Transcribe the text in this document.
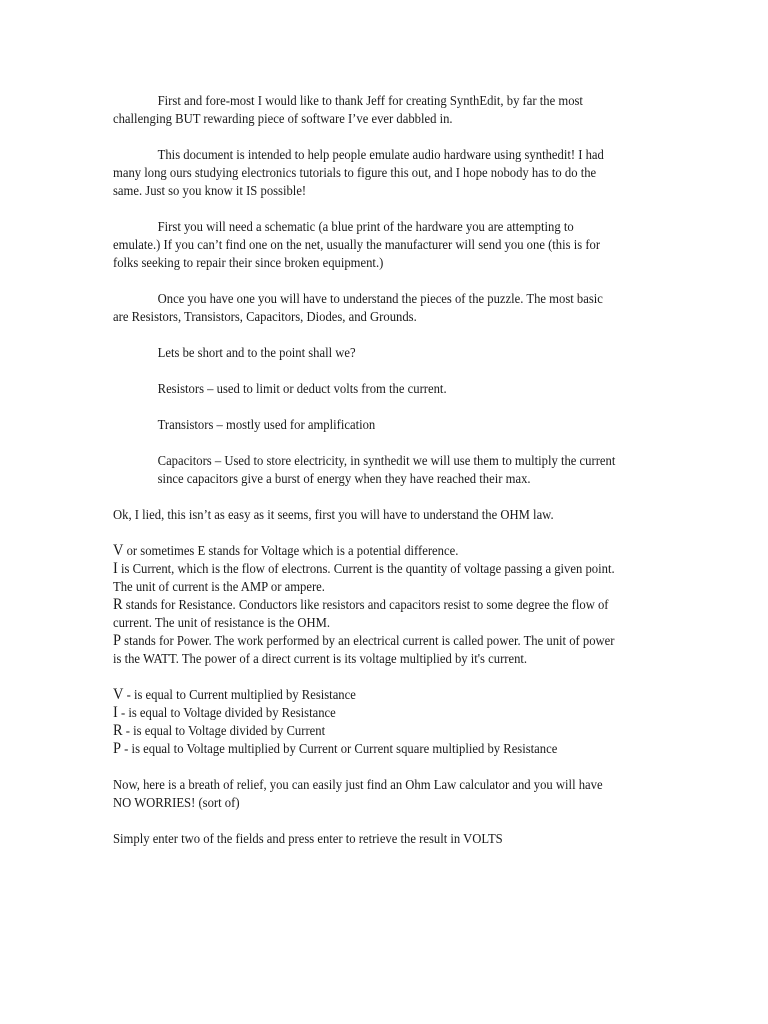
First and fore-most I would like to thank Jeff for creating SynthEdit, by far the most challenging BUT rewarding piece of software I’ve ever dabbled in.

This document is intended to help people emulate audio hardware using synthedit! I had many long ours studying electronics tutorials to figure this out, and I hope nobody has to do the same. Just so you know it IS possible!

First you will need a schematic (a blue print of the hardware you are attempting to emulate.) If you can’t find one on the net, usually the manufacturer will send you one (this is for folks seeking to repair their since broken equipment.)

Once you have one you will have to understand the pieces of the puzzle. The most basic are Resistors, Transistors, Capacitors, Diodes, and Grounds.

Lets be short and to the point shall we?

Resistors – used to limit or deduct volts from the current.

Transistors – mostly used for amplification

Capacitors – Used to store electricity, in synthedit we will use them to multiply the current since capacitors give a burst of energy when they have reached their max.

Ok, I lied, this isn’t as easy as it seems, first you will have to understand the OHM law.

V or sometimes E stands for Voltage which is a potential difference.

I is Current, which is the flow of electrons. Current is the quantity of voltage passing a given point. The unit of current is the AMP or ampere.

R stands for Resistance. Conductors like resistors and capacitors resist to some degree the flow of current. The unit of resistance is the OHM.

P stands for Power. The work performed by an electrical current is called power. The unit of power is the WATT. The power of a direct current is its voltage multiplied by it's current.

V - is equal to Current multiplied by Resistance

I - is equal to Voltage divided by Resistance

R - is equal to Voltage divided by Current

P - is equal to Voltage multiplied by Current or Current square multiplied by Resistance

Now, here is a breath of relief, you can easily just find an Ohm Law calculator and you will have NO WORRIES! (sort of)

Simply enter two of the fields and press enter to retrieve the result in VOLTS
